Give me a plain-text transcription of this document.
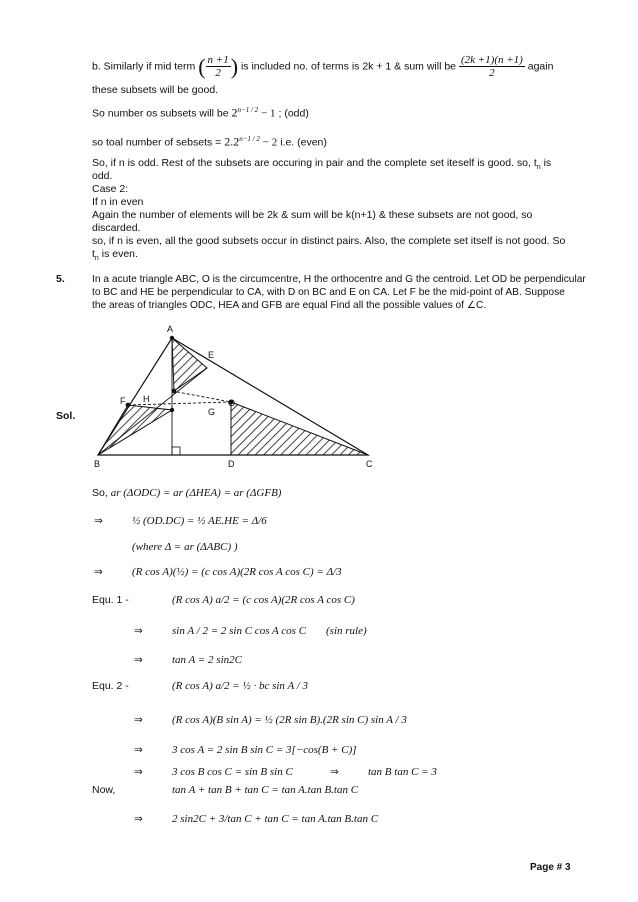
b. Similarly if mid term ( $\frac{n +1}{2}$ ) is included no. of terms is 2k + 1 & sum will be $\frac{(2k +1)(n +1)}{2}$ again
these subsets will be good.
So number os subsets will be $2^{n-1 / 2} - 1$ ; (odd)
so toal number of sebsets = $2.2^{n-1 / 2} - 2$ i.e. (even)
So, if n is odd. Rest of the subsets are occuring in pair and the complete set iteself is good. so, $t_n$ is
odd.
Case 2:
If n in even
Again the number of elements will be 2k & sum will be k(n+1) & these subsets are not good, so
discarded.
so, if n is even, all the good subsets occur in distinct pairs. Also, the complete set itself is not good. So
$t_n$ is even.
5.	In a acute triangle ABC, O is the circumcentre, H the orthocentre and G the centroid. Let OD be perpendicular
to BC and HE be perpendicular to CA, with D on BC and E on CA. Let F be the mid-point of AB. Suppose
the areas of triangles ODC, HEA and GFB are equal Find all the possible values of ∠C.
A
E
F H	O
G
B	D	C
Sol.
So, ar (ΔODC) = ar (ΔHEA) = ar (ΔGFB)
⇒	½ (OD.DC) = ½ AE.HE = Δ/6
(where Δ = ar (ΔABC) )
⇒	(R cos A)(½) = (c cos A)(2R cos A cos C) = Δ/3
Equ. 1 -	(R cos A) a/2 = (c cos A)(2R cos A cos C)
⇒	sin A / 2 = 2 sin C cos A cos C (sin rule)
⇒	tan A = 2 sin2C
Equ. 2 -	(R cos A) a/2 = ½ · bc sin A / 3
⇒	(R cos A)(B sin A) = ½ (2R sin B).(2R sin C) sin A / 3
⇒	3 cos A = 2 sin B sin C = 3[−cos(B + C)]
⇒	3 cos B cos C = sin B sin C	⇒	tan B tan C = 3
Now,	tan A + tan B + tan C = tan A.tan B.tan C
⇒	2 sin2C + 3/tan C + tan C = tan A.tan B.tan C
Page # 3
